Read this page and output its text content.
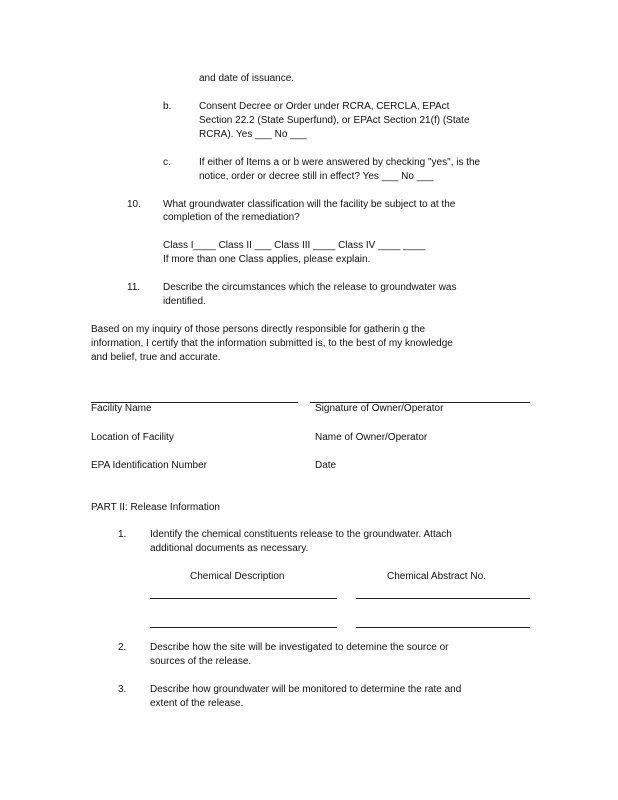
and date of issuance.
b.	Consent Decree or Order under RCRA, CERCLA, EPAct
Section 22.2 (State Superfund), or EPAct Section 21(f) (State
RCRA). Yes ___ No ___
c.	If either of Items a or b were answered by checking "yes", is the
notice, order or decree still in effect? Yes ___ No ___
10. What groundwater classification will the facility be subject to at the
completion of the remediation?
Class I____ Class II ___ Class III ____ Class IV ____ ____
If more than one Class applies, please explain.
11. Describe the circumstances which the release to groundwater was
identified.
Based on my inquiry of those persons directly responsible for gatherin g the
information, I certify that the information submitted is, to the best of my knowledge
and belief, true and accurate.
Facility Name	Signature of Owner/Operator
Location of Facility	Name of Owner/Operator
EPA Identification Number	Date
PART II: Release Information
1. Identify the chemical constituents release to the groundwater. Attach
additional documents as necessary.
Chemical Description	Chemical Abstract No.
2. Describe how the site will be investigated to detemine the source or
sources of the release.
3. Describe how groundwater will be monitored to determine the rate and
extent of the release.
